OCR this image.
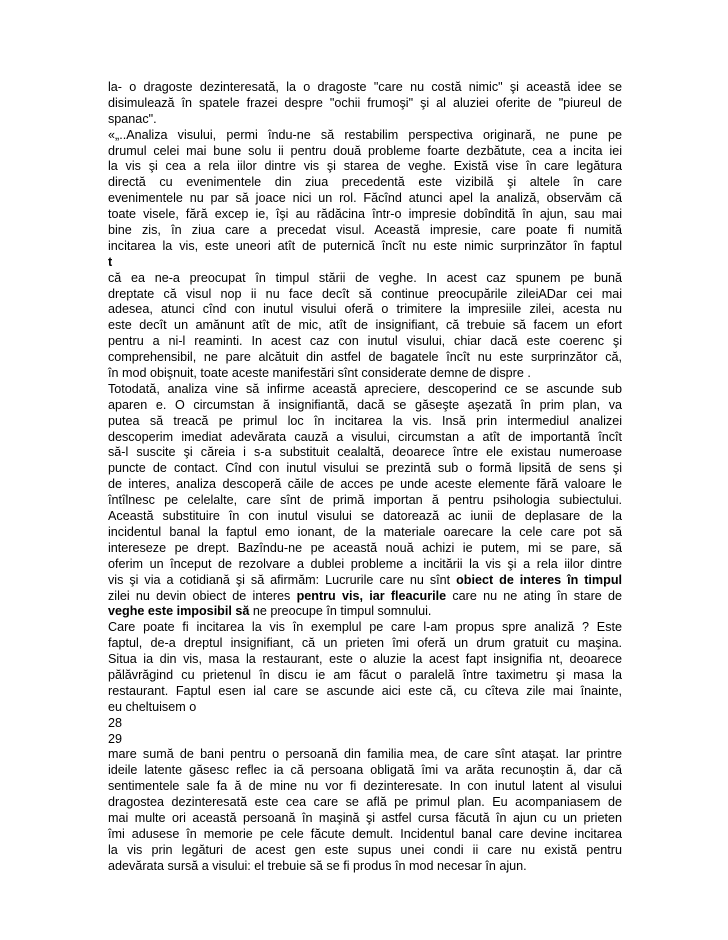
la- o dragoste dezinteresată, la o dragoste "care nu costă nimic" şi această idee se
disimulează în spatele frazei despre "ochii frumoşi" şi al aluziei oferite de "piureul de
spanac".
«„..Analiza visului, permi îndu-ne să restabilim perspectiva originară, ne pune pe
drumul celei mai bune solu ii pentru două probleme foarte dezbătute, cea a incita iei
la vis şi cea a rela iilor dintre vis şi starea de veghe. Există vise în care legătura
directă cu evenimentele din ziua precedentă este vizibilă şi altele în care
evenimentele nu par să joace nici un rol. Făcînd atunci apel la analiză, observăm că
toate visele, fără excep ie, îşi au rădăcina într-o impresie dobîndită în ajun, sau mai
bine zis, în ziua care a precedat visul. Această impresie, care poate fi numită
incitarea la vis, este uneori atît de puternică încît nu este nimic surprinzător în faptul
t
că ea ne-a preocupat în timpul stării de veghe. In acest caz spunem pe bună
dreptate că visul nop ii nu face decît să continue preocupările zileiADar cei mai
adesea, atunci cînd con inutul visului oferă o trimitere la impresiile zilei, acesta nu
este decît un amănunt atît de mic, atît de insignifiant, că trebuie să facem un efort
pentru a ni-l reaminti. In acest caz con inutul visului, chiar dacă este coerenc şi
comprehensibil, ne pare alcătuit din astfel de bagatele încît nu este surprinzător că,
în mod obişnuit, toate aceste manifestări sînt considerate demne de dispre .
Totodată, analiza vine să infirme această apreciere, descoperind ce se ascunde sub
aparen e. O circumstan ă insignifiantă, dacă se găseşte aşezată în prim plan, va
putea să treacă pe primul loc în incitarea la vis. Insă prin intermediul analizei
descoperim imediat adevărata cauză a visului, circumstan a atît de importantă încît
să-l suscite şi căreia i s-a substituit cealaltă, deoarece între ele existau numeroase
puncte de contact. Cînd con inutul visului se prezintă sub o formă lipsită de sens şi
de interes, analiza descoperă căile de acces pe unde aceste elemente fără valoare le
întîlnesc pe celelalte, care sînt de primă importan ă pentru psihologia subiectului.
Această substituire în con inutul visului se datorează ac iunii de deplasare de la
incidentul banal la faptul emo ionant, de la materiale oarecare la cele care pot să
intereseze pe drept. Bazîndu-ne pe această nouă achizi ie putem, mi se pare, să
oferim un început de rezolvare a dublei probleme a incitării la vis şi a rela iilor dintre
vis şi via a cotidiană şi să afirmăm: Lucrurile care nu sînt obiect de interes în timpul
zilei nu devin obiect de interes pentru vis, iar fleacurile care nu ne ating în stare de
veghe este imposibil să ne preocupe în timpul somnului.
Care poate fi incitarea la vis în exemplul pe care l-am propus spre analiză ? Este
faptul, de-a dreptul insignifiant, că un prieten îmi oferă un drum gratuit cu maşina.
Situa ia din vis, masa la restaurant, este o aluzie la acest fapt insignifia nt, deoarece
pălăvrăgind cu prietenul în discu ie am făcut o paralelă între taximetru şi masa la
restaurant. Faptul esen ial care se ascunde aici este că, cu cîteva zile mai înainte,
eu cheltuisem o
28
29
mare sumă de bani pentru o persoană din familia mea, de care sînt ataşat. Iar printre
ideile latente găsesc reflec ia că persoana obligată îmi va arăta recunoştin ă, dar că
sentimentele sale fa ă de mine nu vor fi dezinteresate. In con inutul latent al visului
dragostea dezinteresată este cea care se află pe primul plan. Eu acompaniasem de
mai multe ori această persoană în maşină şi astfel cursa făcută în ajun cu un prieten
îmi adusese în memorie pe cele făcute demult. Incidentul banal care devine incitarea
la vis prin legături de acest gen este supus unei condi ii care nu există pentru
adevărata sursă a visului: el trebuie să se fi produs în mod necesar în ajun.
